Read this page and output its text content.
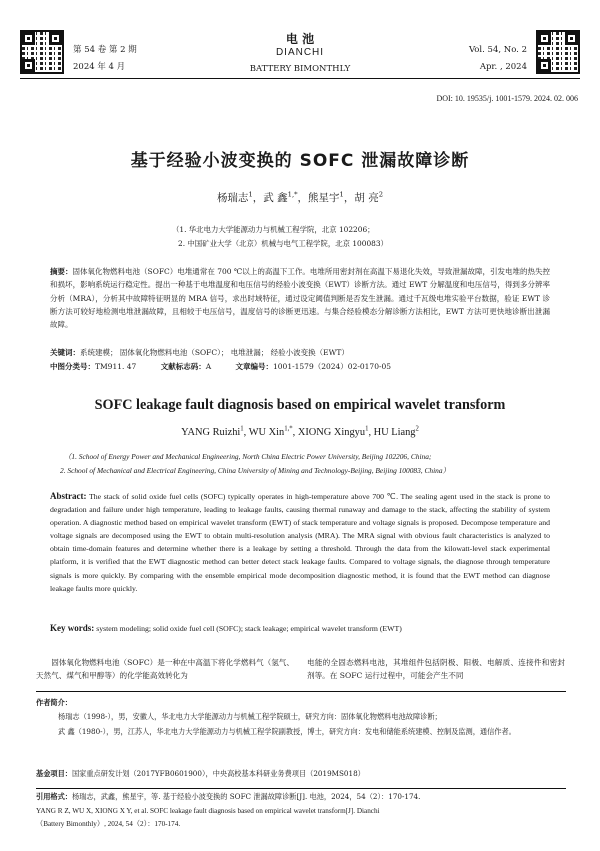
第 54 卷 第 2 期
2024 年 4 月
电 池
DIANCHI
BATTERY BIMONTHLY
Vol. 54, No. 2
Apr. , 2024
DOI: 10. 19535/j. 1001-1579. 2024. 02. 006
基于经验小波变换的 SOFC 泄漏故障诊断
杨瑞志$^1$，武 鑫$^{1,*}$，熊星宇$^1$，胡 亮$^2$
（1. 华北电力大学能源动力与机械工程学院，北京 102206；
2. 中国矿业大学（北京）机械与电气工程学院，北京 100083）
摘要：固体氧化物燃料电池（SOFC）电堆通常在 700 ℃以上的高温下工作。电堆所用密封剂在高温下易退化失效，导致泄漏故障，引发电堆的热失控和损坏，影响系统运行稳定性。提出一种基于电堆温度和电压信号的经验小波变换（EWT）诊断方法。通过 EWT 分解温度和电压信号，得到多分辨率分析（MRA），分析其中故障特征明显的 MRA 信号，求出时域特征，通过设定阈值判断是否发生泄漏。通过千瓦级电堆实验平台数据，验证 EWT 诊断方法可较好地检测电堆泄漏故障，且相较于电压信号，温度信号的诊断更迅速。与集合经验模态分解诊断方法相比，EWT 方法可更快地诊断出泄漏故障。
关键词：系统建模； 固体氧化物燃料电池（SOFC）； 电堆泄漏； 经验小波变换（EWT）
中图分类号：TM911. 47	文献标志码：A	文章编号：1001-1579（2024）02-0170-05
SOFC leakage fault diagnosis based on empirical wavelet transform
YANG Ruizhi$^1$, WU Xin$^{1,*}$, XIONG Xingyu$^1$, HU Liang$^2$
（1. School of Energy Power and Mechanical Engineering, North China Electric Power University, Beijing 102206, China;
2. School of Mechanical and Electrical Engineering, China University of Mining and Technology-Beijing, Beijing 100083, China）
Abstract: The stack of solid oxide fuel cells (SOFC) typically operates in high-temperature above 700 ℃. The sealing agent used in the stack is prone to degradation and failure under high temperature, leading to leakage faults, causing thermal runaway and damage to the stack, affecting the stability of system operation. A diagnostic method based on empirical wavelet transform (EWT) of stack temperature and voltage signals is proposed. Decompose temperature and voltage signals are decomposed using the EWT to obtain multi-resolution analysis (MRA). The MRA signal with obvious fault characteristics is analyzed to obtain time-domain features and determine whether there is a leakage by setting a threshold. Through the data from the kilowatt-level stack experimental platform, it is verified that the EWT diagnostic method can better detect stack leakage faults. Compared to voltage signals, the diagnose through temperature signals is more quickly. By comparing with the ensemble empirical mode decomposition diagnostic method, it is found that the EWT method can diagnose leakage faults more quickly.
Key words: system modeling; solid oxide fuel cell (SOFC); stack leakage; empirical wavelet transform (EWT)
固体氧化物燃料电池（SOFC）是一种在中高温下将化学燃料气（氢气、天然气、煤气和甲醇等）的化学能高效转化为
电能的全固态燃料电池，其堆组件包括阴极、阳极、电解质、连接件和密封剂等。在 SOFC 运行过程中，可能会产生不同
作者简介：
杨瑞志（1998-），男，安徽人，华北电力大学能源动力与机械工程学院硕士，研究方向：固体氧化物燃料电池故障诊断；
武 鑫（1980-），男，江苏人，华北电力大学能源动力与机械工程学院副教授，博士，研究方向：发电和储能系统建模、控制及监测，通信作者。
基金项目：国家重点研发计划（2017YFB0601900），中央高校基本科研业务费项目（2019MS018）
引用格式：杨瑞志，武鑫，熊星宇，等. 基于经验小波变换的 SOFC 泄漏故障诊断[J]. 电池，2024，54（2）：170-174.
YANG R Z, WU X, XIONG X Y, et al. SOFC leakage fault diagnosis based on empirical wavelet transform[J]. Dianchi
（Battery Bimonthly）, 2024, 54（2）：170-174.
